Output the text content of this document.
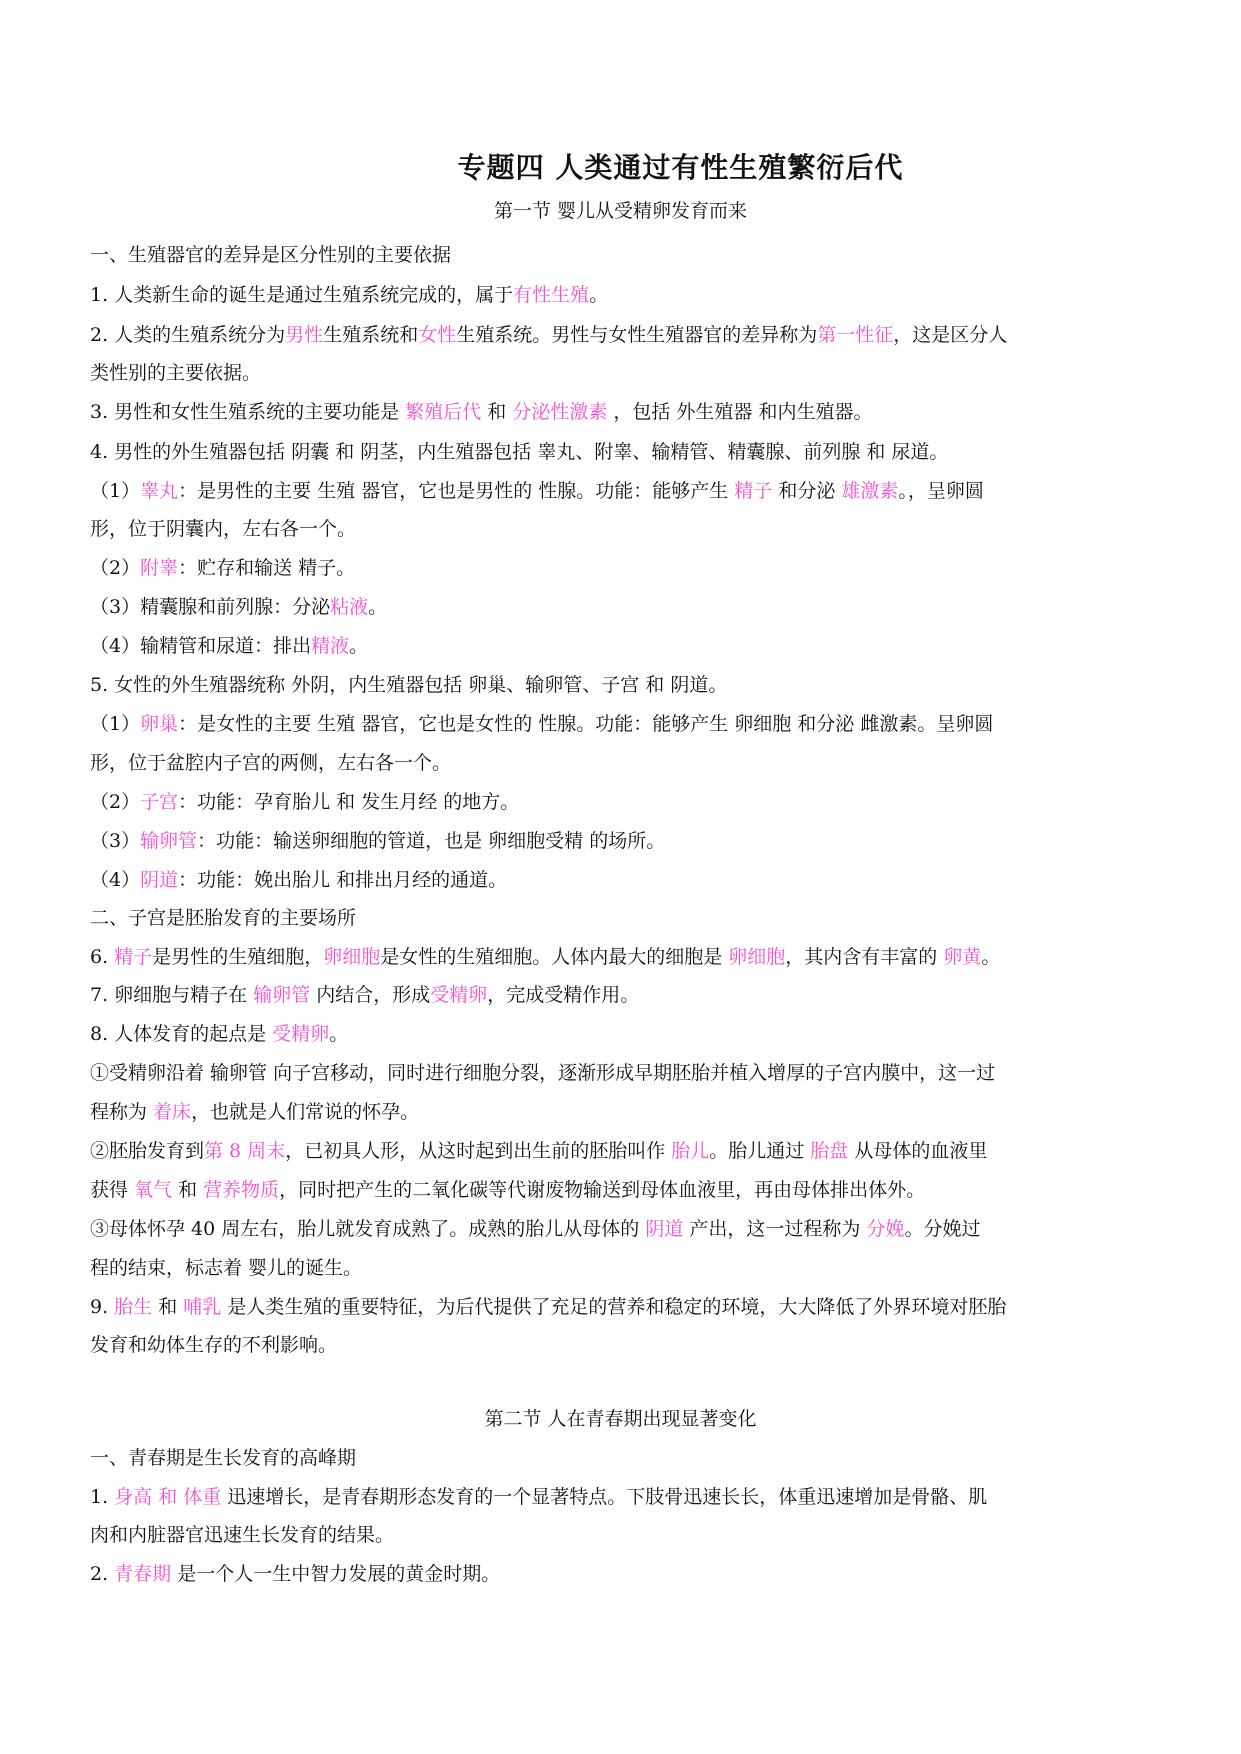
专题四 人类通过有性生殖繁衍后代
第一节 婴儿从受精卵发育而来
一、生殖器官的差异是区分性别的主要依据
1. 人类新生命的诞生是通过生殖系统完成的，属于有性生殖。
2. 人类的生殖系统分为男性生殖系统和女性生殖系统。男性与女性生殖器官的差异称为第一性征，这是区分人
类性别的主要依据。
3. 男性和女性生殖系统的主要功能是 繁殖后代 和 分泌性激素 ，包括 外生殖器 和内生殖器。
4. 男性的外生殖器包括 阴囊 和 阴茎，内生殖器包括 睾丸、附睾、输精管、精囊腺、前列腺 和 尿道。
（1）睾丸：是男性的主要 生殖 器官，它也是男性的 性腺。功能：能够产生 精子 和分泌 雄激素。，呈卵圆
形，位于阴囊内，左右各一个。
（2）附睾：贮存和输送 精子。
（3）精囊腺和前列腺：分泌粘液。
（4）输精管和尿道：排出精液。
5. 女性的外生殖器统称 外阴，内生殖器包括 卵巢、输卵管、子宫 和 阴道。
（1）卵巢：是女性的主要 生殖 器官，它也是女性的 性腺。功能：能够产生 卵细胞 和分泌 雌激素。呈卵圆
形，位于盆腔内子宫的两侧，左右各一个。
（2）子宫：功能：孕育胎儿 和 发生月经 的地方。
（3）输卵管：功能：输送卵细胞的管道，也是 卵细胞受精 的场所。
（4）阴道：功能：娩出胎儿 和排出月经的通道。
二、子宫是胚胎发育的主要场所
6. 精子是男性的生殖细胞，卵细胞是女性的生殖细胞。人体内最大的细胞是 卵细胞，其内含有丰富的 卵黄。
7. 卵细胞与精子在 输卵管 内结合，形成受精卵，完成受精作用。
8. 人体发育的起点是 受精卵。
①受精卵沿着 输卵管 向子宫移动，同时进行细胞分裂，逐渐形成早期胚胎并植入增厚的子宫内膜中，这一过
程称为 着床，也就是人们常说的怀孕。
②胚胎发育到第 8 周末，已初具人形，从这时起到出生前的胚胎叫作 胎儿。胎儿通过 胎盘 从母体的血液里
获得 氧气 和 营养物质，同时把产生的二氧化碳等代谢废物输送到母体血液里，再由母体排出体外。
③母体怀孕 40 周左右，胎儿就发育成熟了。成熟的胎儿从母体的 阴道 产出，这一过程称为 分娩。分娩过
程的结束，标志着 婴儿的诞生。
9. 胎生 和 哺乳 是人类生殖的重要特征，为后代提供了充足的营养和稳定的环境，大大降低了外界环境对胚胎
发育和幼体生存的不利影响。
第二节 人在青春期出现显著变化
一、青春期是生长发育的高峰期
1. 身高 和 体重 迅速增长，是青春期形态发育的一个显著特点。下肢骨迅速长长，体重迅速增加是骨骼、肌
肉和内脏器官迅速生长发育的结果。
2. 青春期 是一个人一生中智力发展的黄金时期。
